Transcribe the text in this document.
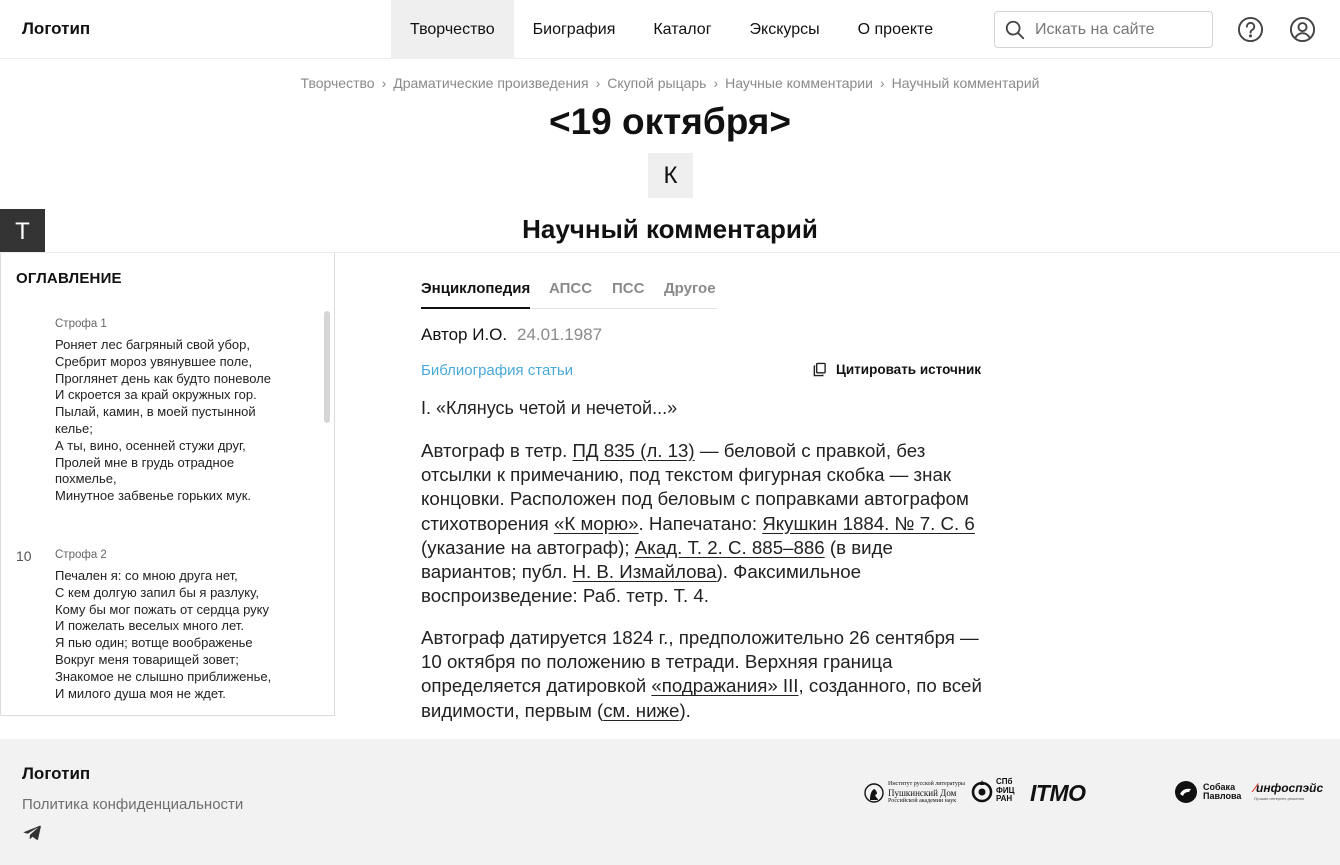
Логотип	Творчество	Биография	Каталог	Экскурсы	О проекте
Искать на сайте
Творчество › Драматические произведения › Скупой рыцарь › Научные комментарии › Научный комментарий
<19 октября>
К
Т	Научный комментарий
ОГЛАВЛЕНИЕ
Строфа 1
Роняет лес багряный свой убор,
Сребрит мороз увянувшее поле,
Проглянет день как будто поневоле
И скроется за край окружных гор.
Пылай, камин, в моей пустынной
келье;
А ты, вино, осенней стужи друг,
Пролей мне в грудь отрадное
похмелье,
Минутное забвенье горьких мук.
10 Строфа 2
Печален я: со мною друга нет,
С кем долгую запил бы я разлуку,
Кому бы мог пожать от сердца руку
И пожелать веселых много лет.
Я пью один; вотще воображенье
Вокруг меня товарищей зовет;
Знакомое не слышно приближенье,
И милого душа моя не ждет.
Энциклопедия АПСС ПСС Другое
Автор И.О. 24.01.1987
Библиография статьи	Цитировать источник
I. «Клянусь четой и нечетой...»
Автограф в тетр. ПД 835 (л. 13) — беловой с правкой, без отсылки к примечанию, под текстом фигурная скобка — знак концовки. Расположен под беловым с поправками автографом стихотворения «К морю». Напечатано: Якушкин 1884. № 7. С. 6 (указание на автограф); Акад. Т. 2. С. 885–886 (в виде вариантов; публ. Н. В. Измайлова). Факсимильное воспроизведение: Раб. тетр. Т. 4.
Автограф датируется 1824 г., предположительно 26 сентября — 10 октября по положению в тетради. Верхняя граница определяется датировкой «подражания» III, созданного, по всей видимости, первым (см. ниже).
Логотип
Политика конфиденциальности
Институт русской литературы
Пушкинский Дом
Российской академии наук
СПб
ФИЦ
РАН ITMO	Собака
Павлова
⁄инфоспэйс
Лучшие интернет-решения
